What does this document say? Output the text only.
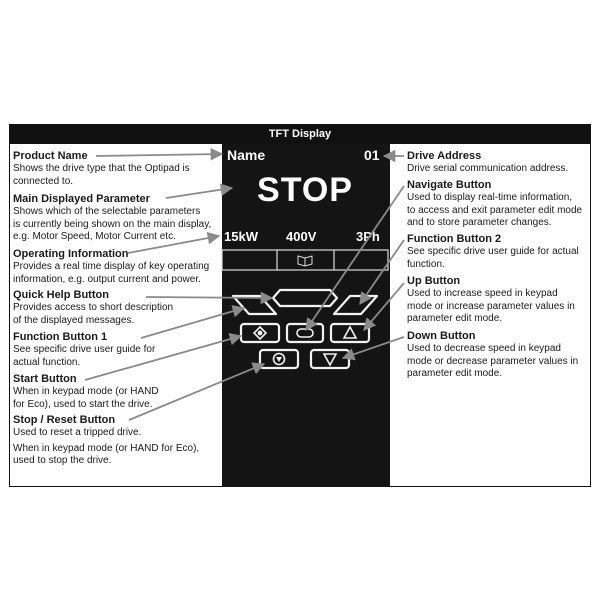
TFT Display
Product Name
Shows the drive type that the Optipad is
connected to.
Main Displayed Parameter
Shows which of the selectable parameters
is currently being shown on the main display,
e.g. Motor Speed, Motor Current etc.
Operating Information
Provides a real time display of key operating
information, e.g. output current and power.
Quick Help Button
Provides access to short description
of the displayed messages.
Function Button 1
See specific drive user guide for
actual function.
Start Button
When in keypad mode (or HAND
for Eco), used to start the drive.
Stop / Reset Button
Used to reset a tripped drive.
When in keypad mode (or HAND for Eco),
used to stop the drive.
Drive Address
Drive serial communication address.
Navigate Button
Used to display real-time information,
to access and exit parameter edit mode
and to store parameter changes.
Function Button 2
See specific drive user guide for actual
function.
Up Button
Used to increase speed in keypad
mode or increase parameter values in
parameter edit mode.
Down Button
Used to decrease speed in keypad
mode or decrease parameter values in
parameter edit mode.
Name	01
STOP
15kW 400V	3Ph
